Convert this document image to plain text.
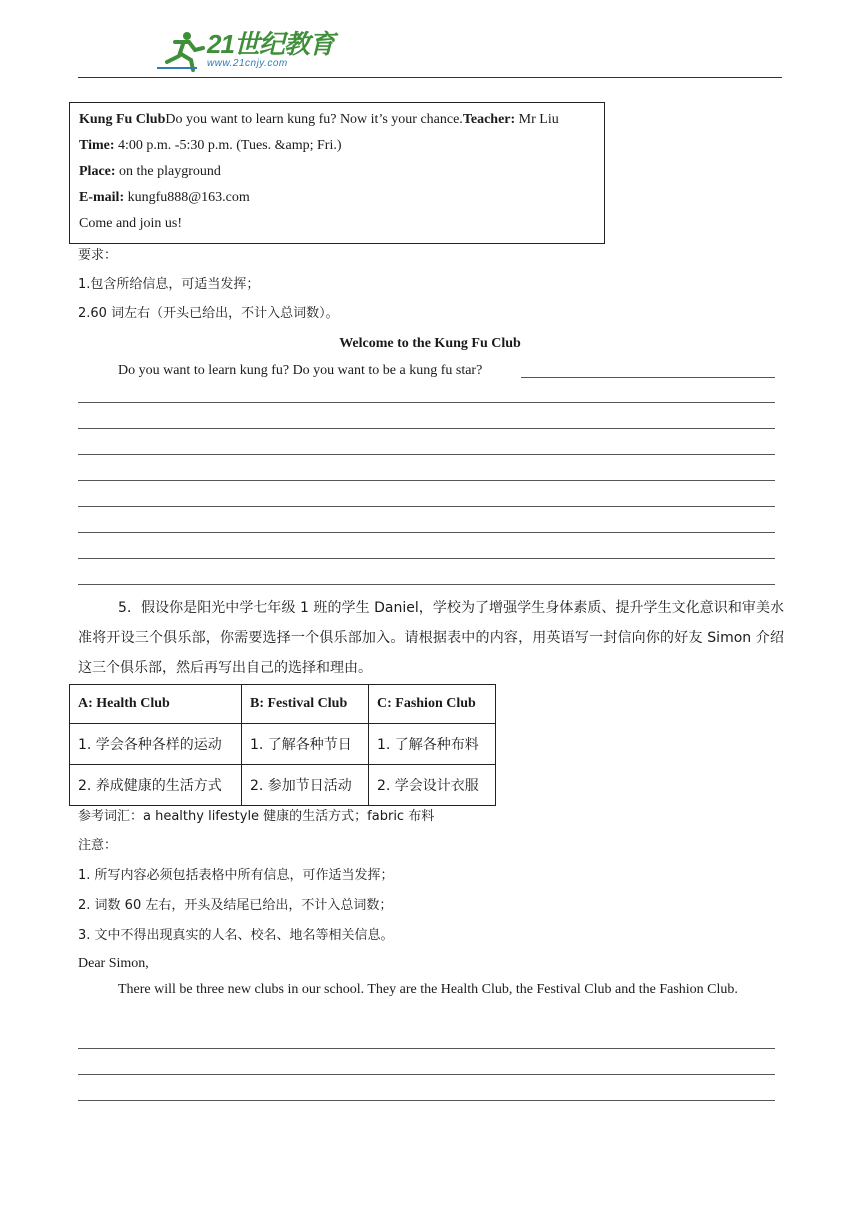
21世纪教育
www.21cnjy.com
Kung Fu ClubDo you want to learn kung fu? Now it’s your chance.Teacher: Mr Liu
Time: 4:00 p.m. -5:30 p.m. (Tues. &amp; Fri.)
Place: on the playground
E-mail: kungfu888@163.com
Come and join us!
要求：
1.包含所给信息，可适当发挥；
2.60 词左右（开头已给出，不计入总词数）。
Welcome to the Kung Fu Club
Do you want to learn kung fu? Do you want to be a kung fu star?
5．假设你是阳光中学七年级 1 班的学生 Daniel，学校为了增强学生身体素质、提升学生文化意识和审美水准将开设三个俱乐部，你需要选择一个俱乐部加入。请根据表中的内容，用英语写一封信向你的好友 Simon 介绍这三个俱乐部，然后再写出自己的选择和理由。
A: Health Club	B: Festival Club	C: Fashion Club
1. 学会各种各样的运动	1. 了解各种节日	1. 了解各种布料
2. 养成健康的生活方式	2. 参加节日活动	2. 学会设计衣服
参考词汇：a healthy lifestyle 健康的生活方式；fabric 布料
注意：
1. 所写内容必须包括表格中所有信息，可作适当发挥；
2. 词数 60 左右，开头及结尾已给出，不计入总词数；
3. 文中不得出现真实的人名、校名、地名等相关信息。
Dear Simon,
There will be three new clubs in our school. They are the Health Club, the Festival Club and the Fashion Club.
